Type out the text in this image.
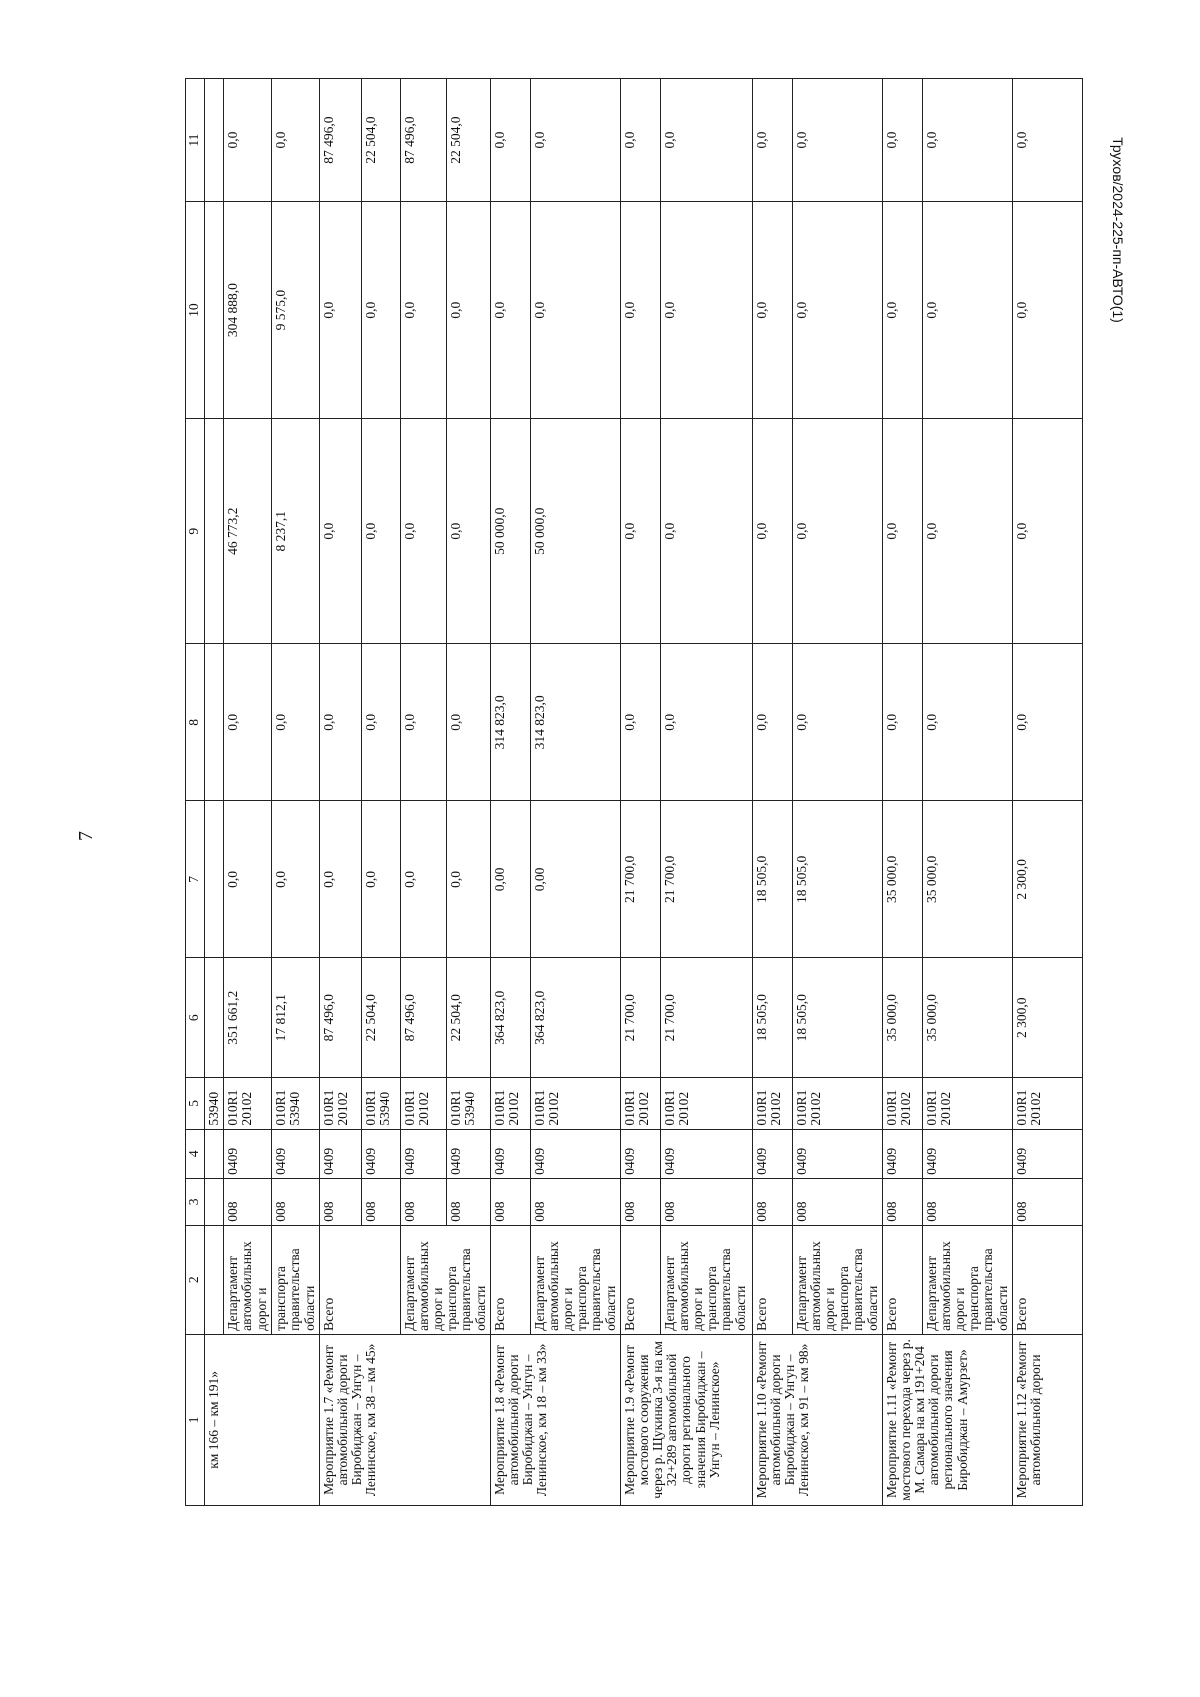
7
Трухов/2024-225-пп-АВТО(1)
1	2	3	4	5	6	7	8	9	10	11
км 166 – км 191»				53940						
	Департамент автомобильных дорог и	008	0409	010R1 20102	351 661,2	0,0	0,0	46 773,2	304 888,0	0,0
	транспорта правительства области	008	0409	010R1 53940	17 812,1	0,0	0,0	8 237,1	9 575,0	0,0
Мероприятие 1.7 «Ремонт автомобильной дороги Биробиджан – Унгун – Ленинское, км 38 – км 45»	Всего	008	0409	010R1 20102	87 496,0	0,0	0,0	0,0	0,0	87 496,0
		008	0409	010R1 53940	22 504,0	0,0	0,0	0,0	0,0	22 504,0
	Департамент автомобильных дорог и транспорта правительства области	008	0409	010R1 20102	87 496,0	0,0	0,0	0,0	0,0	87 496,0
		008	0409	010R1 53940	22 504,0	0,0	0,0	0,0	0,0	22 504,0
Мероприятие 1.8 «Ремонт автомобильной дороги Биробиджан – Унгун – Ленинское, км 18 – км 33»	Всего	008	0409	010R1 20102	364 823,0	0,00	314 823,0	50 000,0	0,0	0,0
	Департамент автомобильных дорог и транспорта правительства области	008	0409	010R1 20102	364 823,0	0,00	314 823,0	50 000,0	0,0	0,0
Мероприятие 1.9 «Ремонт мостового сооружения через р. Щукинка 3-я на км 32+289 автомобильной дороги регионального значения Биробиджан – Унгун – Ленинское»	Всего	008	0409	010R1 20102	21 700,0	21 700,0	0,0	0,0	0,0	0,0
	Департамент автомобильных дорог и транспорта правительства области	008	0409	010R1 20102	21 700,0	21 700,0	0,0	0,0	0,0	0,0
Мероприятие 1.10 «Ремонт автомобильной дороги Биробиджан – Унгун – Ленинское, км 91 – км 98»	Всего	008	0409	010R1 20102	18 505,0	18 505,0	0,0	0,0	0,0	0,0
	Департамент автомобильных дорог и транспорта правительства области	008	0409	010R1 20102	18 505,0	18 505,0	0,0	0,0	0,0	0,0
Мероприятие 1.11 «Ремонт мостового перехода через р. М. Самара на км 191+204 автомобильной дороги регионального значения Биробиджан – Амурзет»	Всего	008	0409	010R1 20102	35 000,0	35 000,0	0,0	0,0	0,0	0,0
	Департамент автомобильных дорог и транспорта правительства области	008	0409	010R1 20102	35 000,0	35 000,0	0,0	0,0	0,0	0,0
Мероприятие 1.12 «Ремонт автомобильной дороги	Всего	008	0409	010R1 20102	2 300,0	2 300,0	0,0	0,0	0,0	0,0
